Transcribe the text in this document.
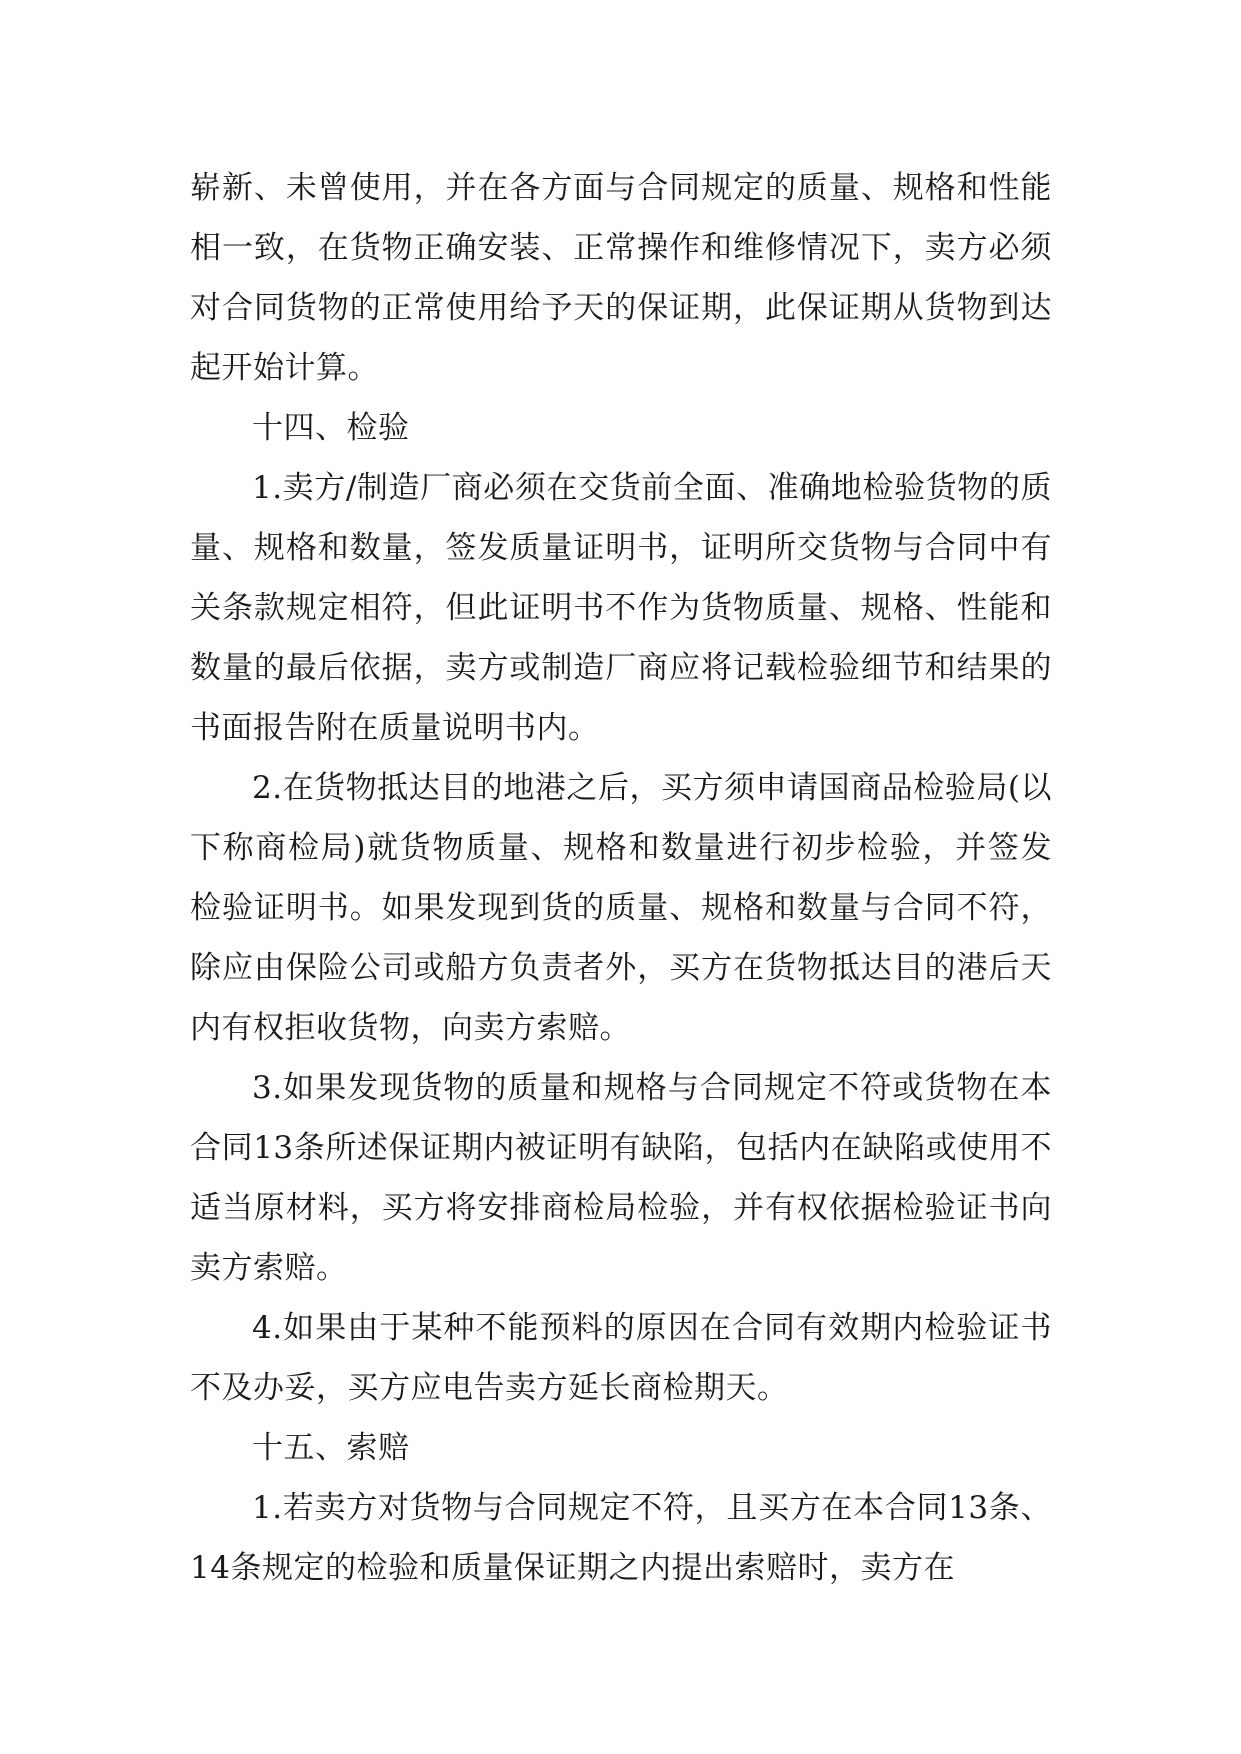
崭新、未曾使用，并在各方面与合同规定的质量、规格和性能相一致，在货物正确安装、正常操作和维修情况下，卖方必须对合同货物的正常使用给予天的保证期，此保证期从货物到达起开始计算。

十四、检验

1.卖方/制造厂商必须在交货前全面、准确地检验货物的质量、规格和数量，签发质量证明书，证明所交货物与合同中有关条款规定相符，但此证明书不作为货物质量、规格、性能和数量的最后依据，卖方或制造厂商应将记载检验细节和结果的书面报告附在质量说明书内。

2.在货物抵达目的地港之后，买方须申请国商品检验局(以下称商检局)就货物质量、规格和数量进行初步检验，并签发检验证明书。如果发现到货的质量、规格和数量与合同不符，除应由保险公司或船方负责者外，买方在货物抵达目的港后天内有权拒收货物，向卖方索赔。

3.如果发现货物的质量和规格与合同规定不符或货物在本合同13条所述保证期内被证明有缺陷，包括内在缺陷或使用不适当原材料，买方将安排商检局检验，并有权依据检验证书向卖方索赔。

4.如果由于某种不能预料的原因在合同有效期内检验证书不及办妥，买方应电告卖方延长商检期天。

十五、索赔

1.若卖方对货物与合同规定不符，且买方在本合同13条、14条规定的检验和质量保证期之内提出索赔时，卖方在
